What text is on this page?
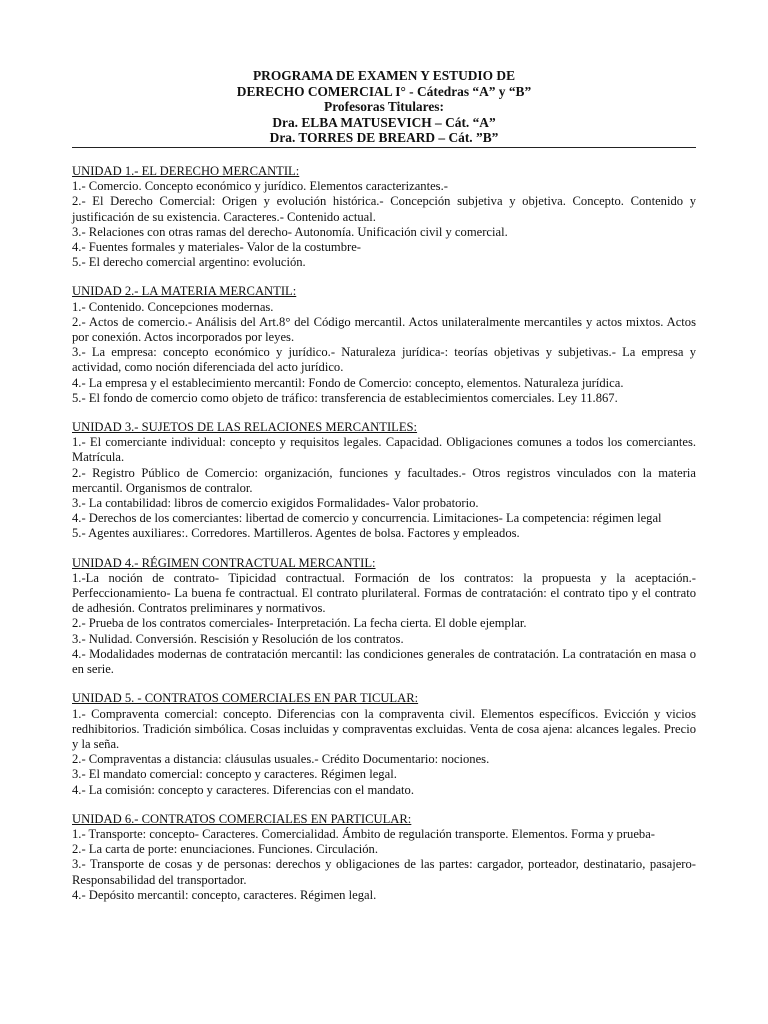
PROGRAMA DE EXAMEN Y ESTUDIO DE
DERECHO COMERCIAL I° - Cátedras “A” y “B”
Profesoras Titulares:
Dra. ELBA MATUSEVICH – Cát. “A”
Dra. TORRES DE BREARD – Cát. ”B”
UNIDAD 1.- EL DERECHO MERCANTIL:
1.- Comercio. Concepto económico y jurídico. Elementos caracterizantes.-
2.- El Derecho Comercial: Origen y evolución histórica.- Concepción subjetiva y objetiva. Concepto. Contenido y justificación de su existencia. Caracteres.- Contenido actual.
3.- Relaciones con otras ramas del derecho- Autonomía. Unificación civil y comercial.
4.- Fuentes formales y materiales- Valor de la costumbre-
5.- El derecho comercial argentino: evolución.
UNIDAD 2.- LA MATERIA MERCANTIL:
1.- Contenido. Concepciones modernas.
2.- Actos de comercio.- Análisis del Art.8° del Código mercantil. Actos unilateralmente mercantiles y actos mixtos. Actos por conexión. Actos incorporados por leyes.
3.- La empresa: concepto económico y jurídico.- Naturaleza jurídica-: teorías objetivas y subjetivas.- La empresa y actividad, como noción diferenciada del acto jurídico.
4.- La empresa y el establecimiento mercantil: Fondo de Comercio: concepto, elementos. Naturaleza jurídica.
5.- El fondo de comercio como objeto de tráfico: transferencia de establecimientos comerciales. Ley 11.867.
UNIDAD 3.- SUJETOS DE LAS RELACIONES MERCANTILES:
1.- El comerciante individual: concepto y requisitos legales. Capacidad. Obligaciones comunes a todos los comerciantes. Matrícula.
2.- Registro Público de Comercio: organización, funciones y facultades.- Otros registros vinculados con la materia mercantil. Organismos de contralor.
3.- La contabilidad: libros de comercio exigidos Formalidades- Valor probatorio.
4.- Derechos de los comerciantes: libertad de comercio y concurrencia. Limitaciones- La competencia: régimen legal
5.- Agentes auxiliares:. Corredores. Martilleros. Agentes de bolsa. Factores y empleados.
UNIDAD 4.- RÉGIMEN CONTRACTUAL MERCANTIL:
1.-La noción de contrato- Tipicidad contractual. Formación de los contratos: la propuesta y la aceptación.- Perfeccionamiento- La buena fe contractual. El contrato plurilateral. Formas de contratación: el contrato tipo y el contrato de adhesión. Contratos preliminares y normativos.
2.- Prueba de los contratos comerciales- Interpretación. La fecha cierta. El doble ejemplar.
3.- Nulidad. Conversión. Rescisión y Resolución de los contratos.
4.- Modalidades modernas de contratación mercantil: las condiciones generales de contratación. La contratación en masa o en serie.
UNIDAD 5. - CONTRATOS COMERCIALES EN PAR TICULAR:
1.- Compraventa comercial: concepto. Diferencias con la compraventa civil. Elementos específicos. Evicción y vicios redhibitorios. Tradición simbólica. Cosas incluidas y compraventas excluidas. Venta de cosa ajena: alcances legales. Precio y la seña.
2.- Compraventas a distancia: cláusulas usuales.- Crédito Documentario: nociones.
3.- El mandato comercial: concepto y caracteres. Régimen legal.
4.- La comisión: concepto y caracteres. Diferencias con el mandato.
UNIDAD 6.- CONTRATOS COMERCIALES EN PARTICULAR:
1.- Transporte: concepto- Caracteres. Comercialidad. Ámbito de regulación transporte. Elementos. Forma y prueba-
2.- La carta de porte: enunciaciones. Funciones. Circulación.
3.- Transporte de cosas y de personas: derechos y obligaciones de las partes: cargador, porteador, destinatario, pasajero- Responsabilidad del transportador.
4.- Depósito mercantil: concepto, caracteres. Régimen legal.
